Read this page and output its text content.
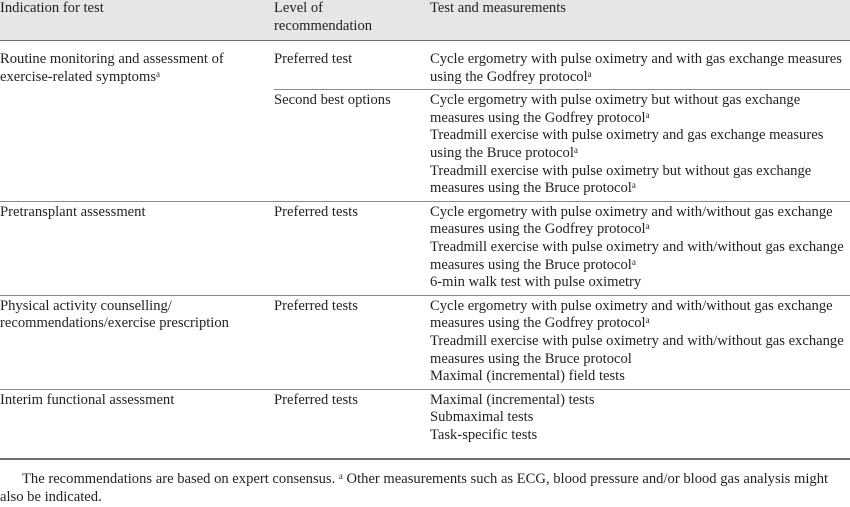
Indication for test	Level of recommendation	Test and measurements
Routine monitoring and assessment of exercise-related symptoms$^a$	Preferred test	Cycle ergometry with pulse oximetry and with gas exchange measures using the Godfrey protocol$^a$

	Second best options	Cycle ergometry with pulse oximetry but without gas exchange measures using the Godfrey protocol$^a$
Treadmill exercise with pulse oximetry and gas exchange measures using the Bruce protocol$^a$
Treadmill exercise with pulse oximetry but without gas exchange measures using the Bruce protocol$^a$

Pretransplant assessment	Preferred tests	Cycle ergometry with pulse oximetry and with/without gas exchange measures using the Godfrey protocol$^a$
Treadmill exercise with pulse oximetry and with/without gas exchange measures using the Bruce protocol$^a$
6-min walk test with pulse oximetry

Physical activity counselling/ recommendations/exercise prescription	Preferred tests	Cycle ergometry with pulse oximetry and with/without gas exchange measures using the Godfrey protocol$^a$
Treadmill exercise with pulse oximetry and with/without gas exchange measures using the Bruce protocol
Maximal (incremental) field tests

Interim functional assessment	Preferred tests	Maximal (incremental) tests
Submaximal tests
Task-specific tests
The recommendations are based on expert consensus. $^a$ Other measurements such as ECG, blood pressure and/or blood gas analysis might also be indicated.
